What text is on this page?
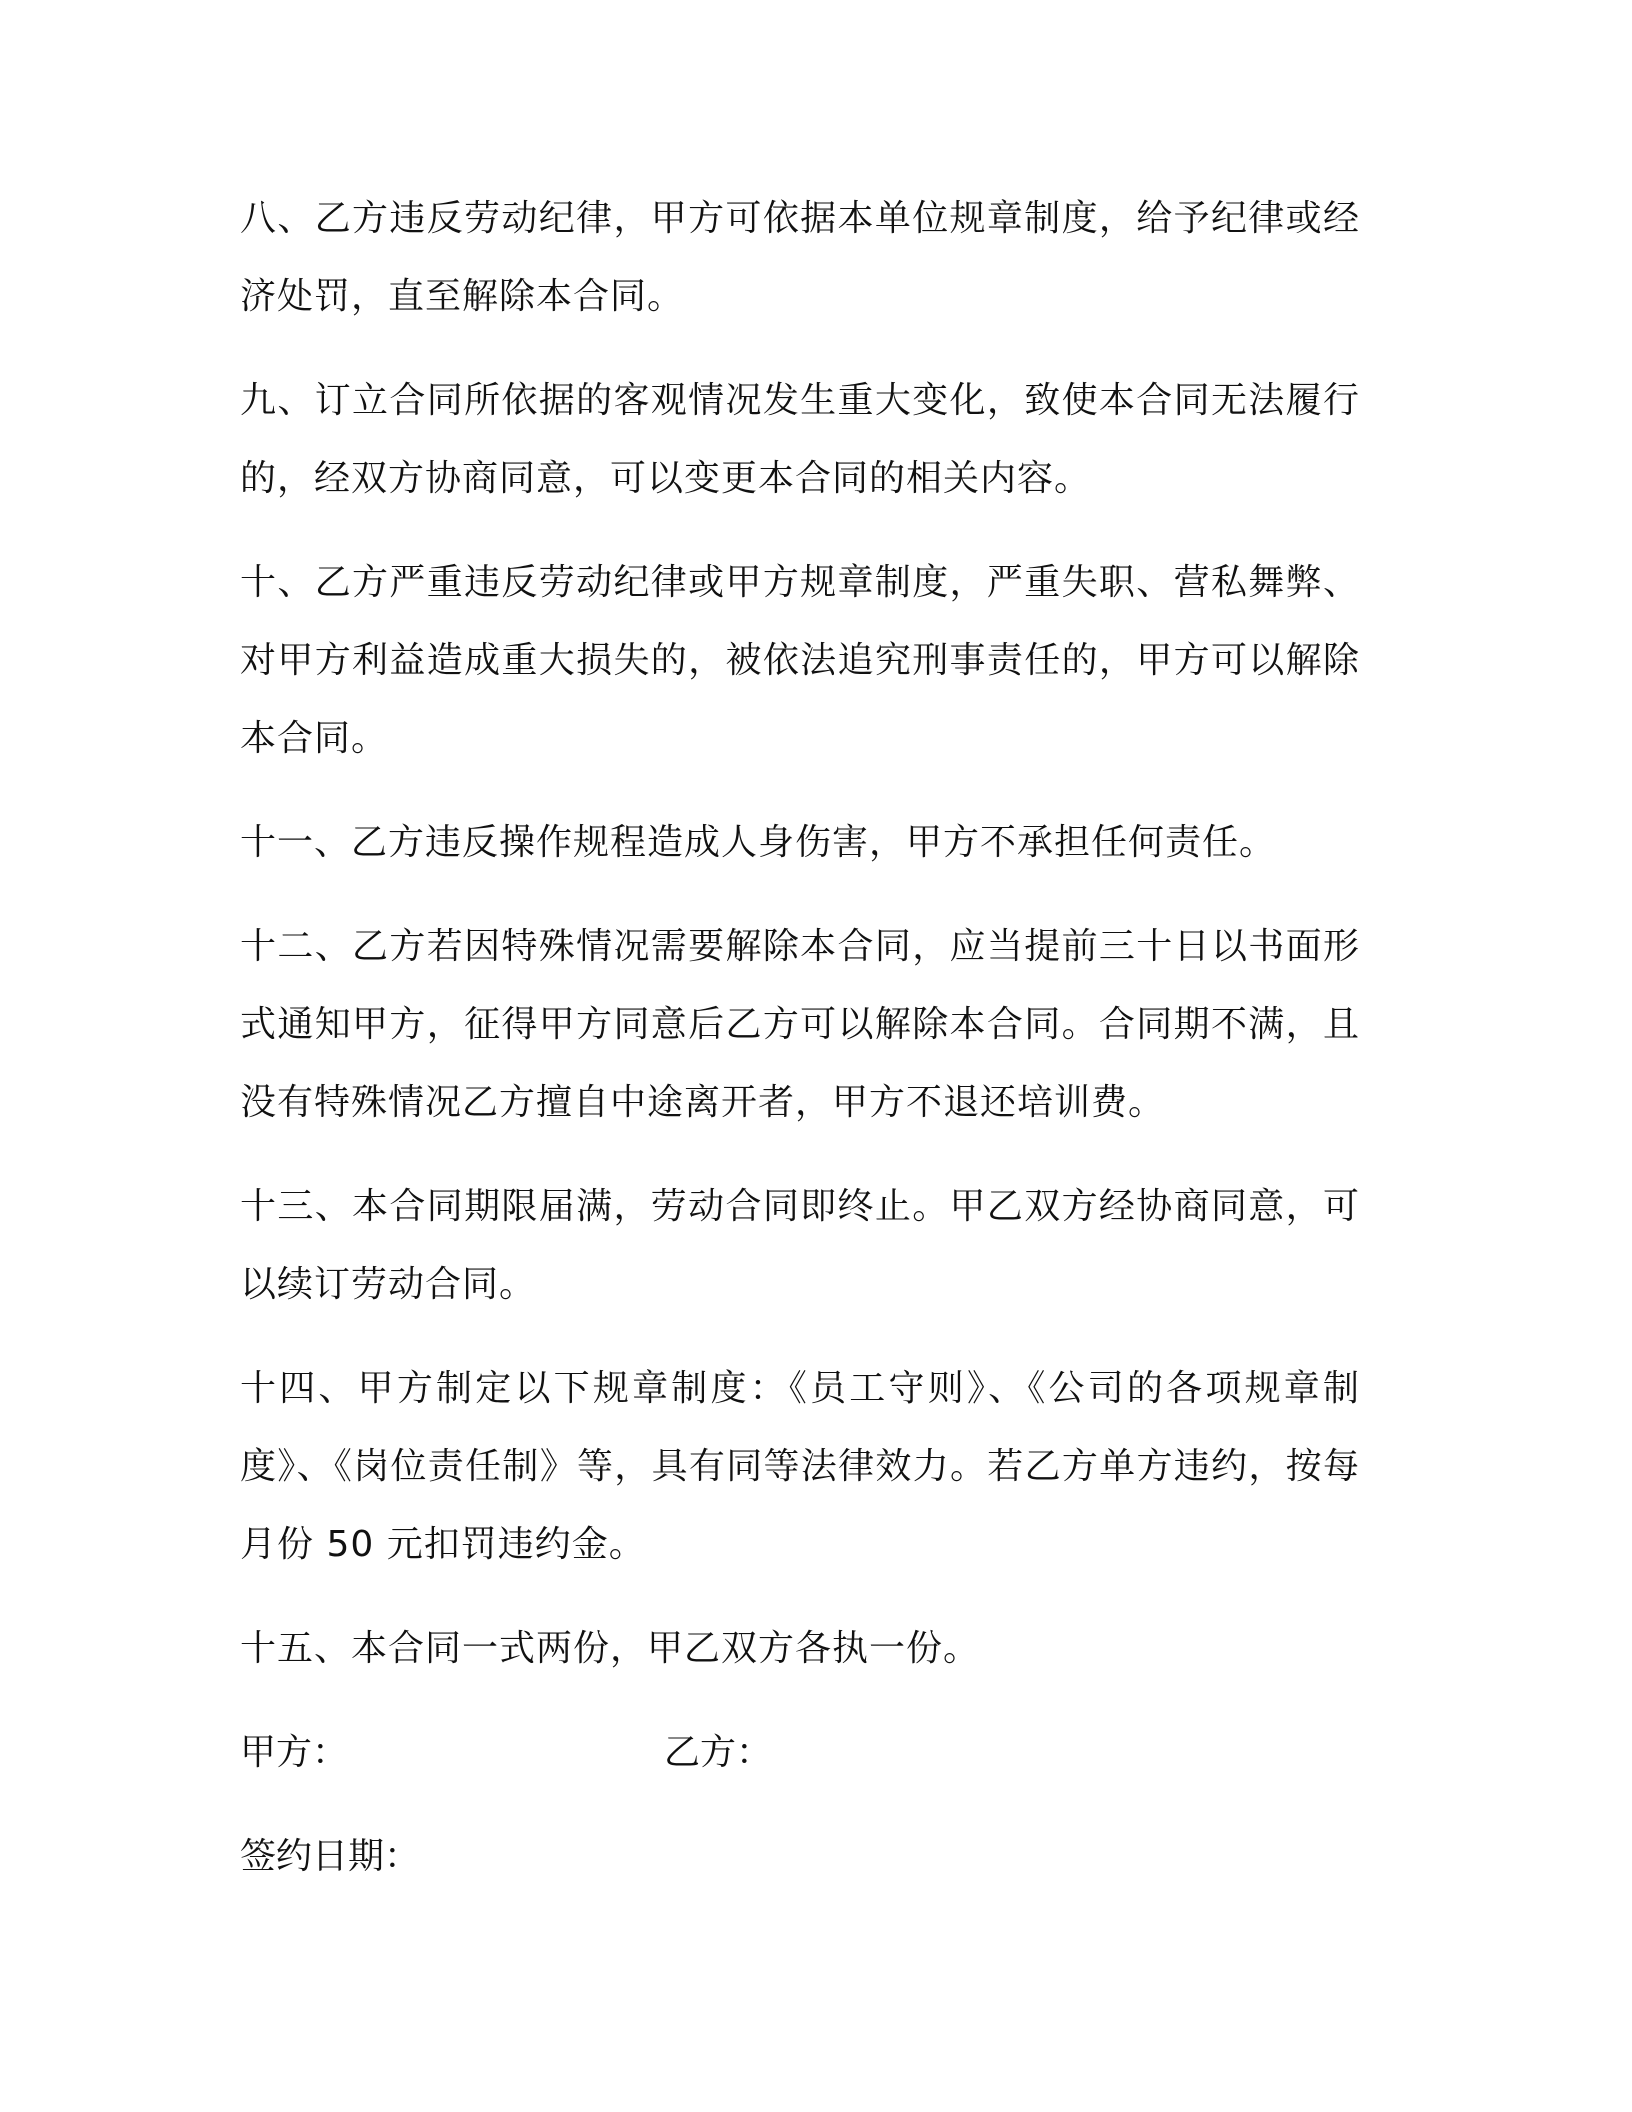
八、乙方违反劳动纪律，甲方可依据本单位规章制度，给予纪律或经济处罚，直至解除本合同。

九、订立合同所依据的客观情况发生重大变化，致使本合同无法履行的，经双方协商同意，可以变更本合同的相关内容。

十、乙方严重违反劳动纪律或甲方规章制度，严重失职、营私舞弊、对甲方利益造成重大损失的，被依法追究刑事责任的，甲方可以解除本合同。

十一、乙方违反操作规程造成人身伤害，甲方不承担任何责任。

十二、乙方若因特殊情况需要解除本合同，应当提前三十日以书面形式通知甲方，征得甲方同意后乙方可以解除本合同。合同期不满，且没有特殊情况乙方擅自中途离开者，甲方不退还培训费。

十三、本合同期限届满，劳动合同即终止。甲乙双方经协商同意，可以续订劳动合同。

十四、甲方制定以下规章制度：《员工守则》、《公司的各项规章制度》、《岗位责任制》等，具有同等法律效力。若乙方单方违约，按每月份 50 元扣罚违约金。

十五、本合同一式两份，甲乙双方各执一份。

甲方：	乙方：
签约日期：
